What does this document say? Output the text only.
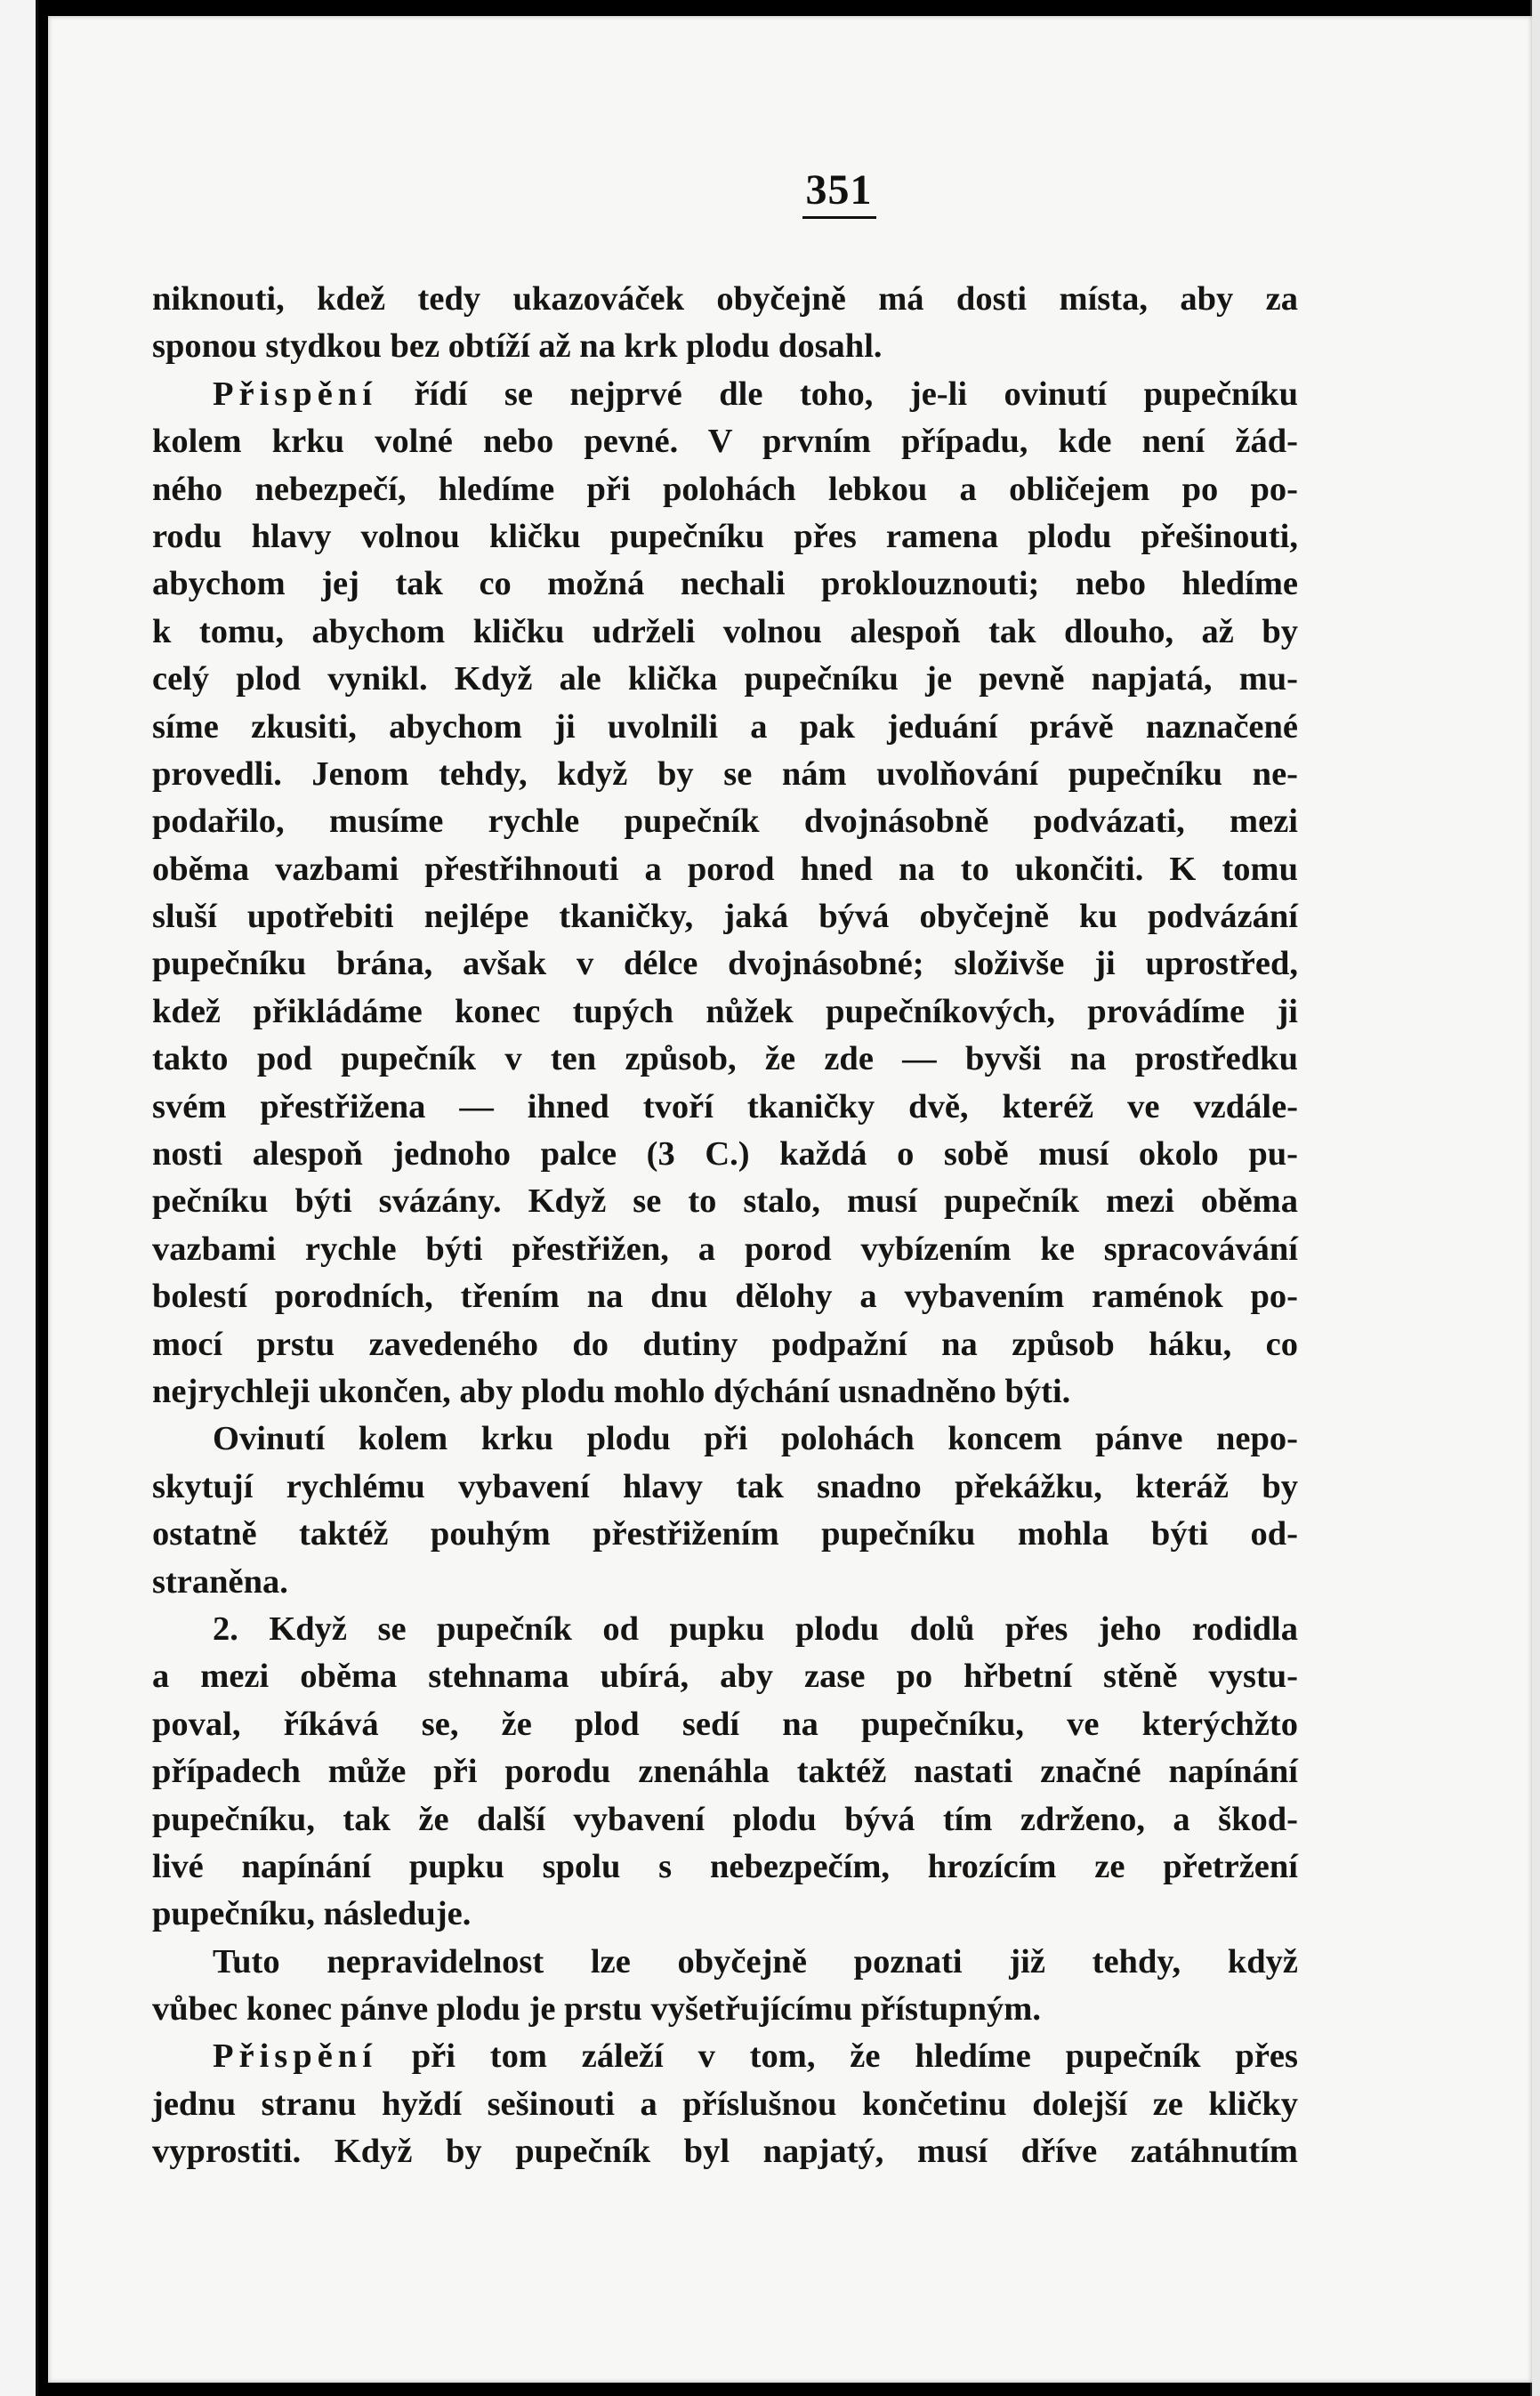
351
niknouti, kdež tedy ukazováček obyčejně má dosti místa, aby za
sponou stydkou bez obtíží až na krk plodu dosahl.
Přispění řídí se nejprvé dle toho, je-li ovinutí pupečníku
kolem krku volné nebo pevné. V prvním případu, kde není žád-
ného nebezpečí, hledíme při polohách lebkou a obličejem po po-
rodu hlavy volnou kličku pupečníku přes ramena plodu přešinouti,
abychom jej tak co možná nechali proklouznouti; nebo hledíme
k tomu, abychom kličku udrželi volnou alespoň tak dlouho, až by
celý plod vynikl. Když ale klička pupečníku je pevně napjatá, mu-
síme zkusiti, abychom ji uvolnili a pak jeduání právě naznačené
provedli. Jenom tehdy, když by se nám uvolňování pupečníku ne-
podařilo, musíme rychle pupečník dvojnásobně podvázati, mezi
oběma vazbami přestřihnouti a porod hned na to ukončiti. K tomu
sluší upotřebiti nejlépe tkaničky, jaká bývá obyčejně ku podvázání
pupečníku brána, avšak v délce dvojnásobné; složivše ji uprostřed,
kdež přikládáme konec tupých nůžek pupečníkových, provádíme ji
takto pod pupečník v ten způsob, že zde — byvši na prostředku
svém přestřižena — ihned tvoří tkaničky dvě, kteréž ve vzdále-
nosti alespoň jednoho palce (3 C.) každá o sobě musí okolo pu-
pečníku býti svázány. Když se to stalo, musí pupečník mezi oběma
vazbami rychle býti přestřižen, a porod vybízením ke spracovávání
bolestí porodních, třením na dnu dělohy a vybavením raménok po-
mocí prstu zavedeného do dutiny podpažní na způsob háku, co
nejrychleji ukončen, aby plodu mohlo dýchání usnadněno býti.
Ovinutí kolem krku plodu při polohách koncem pánve nepo-
skytují rychlému vybavení hlavy tak snadno překážku, kteráž by
ostatně taktéž pouhým přestřižením pupečníku mohla býti od-
straněna.
2. Když se pupečník od pupku plodu dolů přes jeho rodidla
a mezi oběma stehnama ubírá, aby zase po hřbetní stěně vystu-
poval, říkává se, že plod sedí na pupečníku, ve kterýchžto
případech může při porodu znenáhla taktéž nastati značné napínání
pupečníku, tak že další vybavení plodu bývá tím zdrženo, a škod-
livé napínání pupku spolu s nebezpečím, hrozícím ze přetržení
pupečníku, následuje.
Tuto nepravidelnost lze obyčejně poznati již tehdy, když
vůbec konec pánve plodu je prstu vyšetřujícímu přístupným.
Přispění při tom záleží v tom, že hledíme pupečník přes
jednu stranu hyždí sešinouti a příslušnou končetinu dolejší ze kličky
vyprostiti. Když by pupečník byl napjatý, musí dříve zatáhnutím
